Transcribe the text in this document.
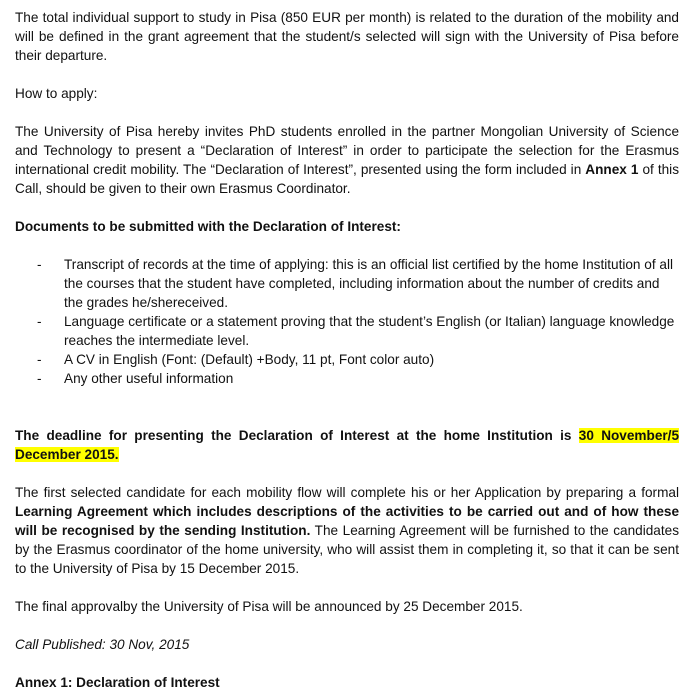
The total individual support to study in Pisa (850 EUR per month) is related to the duration of the mobility and will be defined in the grant agreement that the student/s selected will sign with the University of Pisa before their departure.

How to apply:

The University of Pisa hereby invites PhD students enrolled in the partner Mongolian University of Science and Technology to present a “Declaration of Interest” in order to participate the selection for the Erasmus international credit mobility. The “Declaration of Interest”, presented using the form included in Annex 1 of this Call, should be given to their own Erasmus Coordinator.

Documents to be submitted with the Declaration of Interest:

- Transcript of records at the time of applying: this is an official list certified by the home Institution of all the courses that the student have completed, including information about the number of credits and the grades he/shereceived.
- Language certificate or a statement proving that the student’s English (or Italian) language knowledge reaches the intermediate level.
- A CV in English (Font: (Default) +Body, 11 pt, Font color auto)
- Any other useful information

The deadline for presenting the Declaration of Interest at the home Institution is 30 November/5 December 2015.

The first selected candidate for each mobility flow will complete his or her Application by preparing a formal Learning Agreement which includes descriptions of the activities to be carried out and of how these will be recognised by the sending Institution. The Learning Agreement will be furnished to the candidates by the Erasmus coordinator of the home university, who will assist them in completing it, so that it can be sent to the University of Pisa by 15 December 2015.

The final approvalby the University of Pisa will be announced by 25 December 2015.

Call Published: 30 Nov, 2015

Annex 1: Declaration of Interest
